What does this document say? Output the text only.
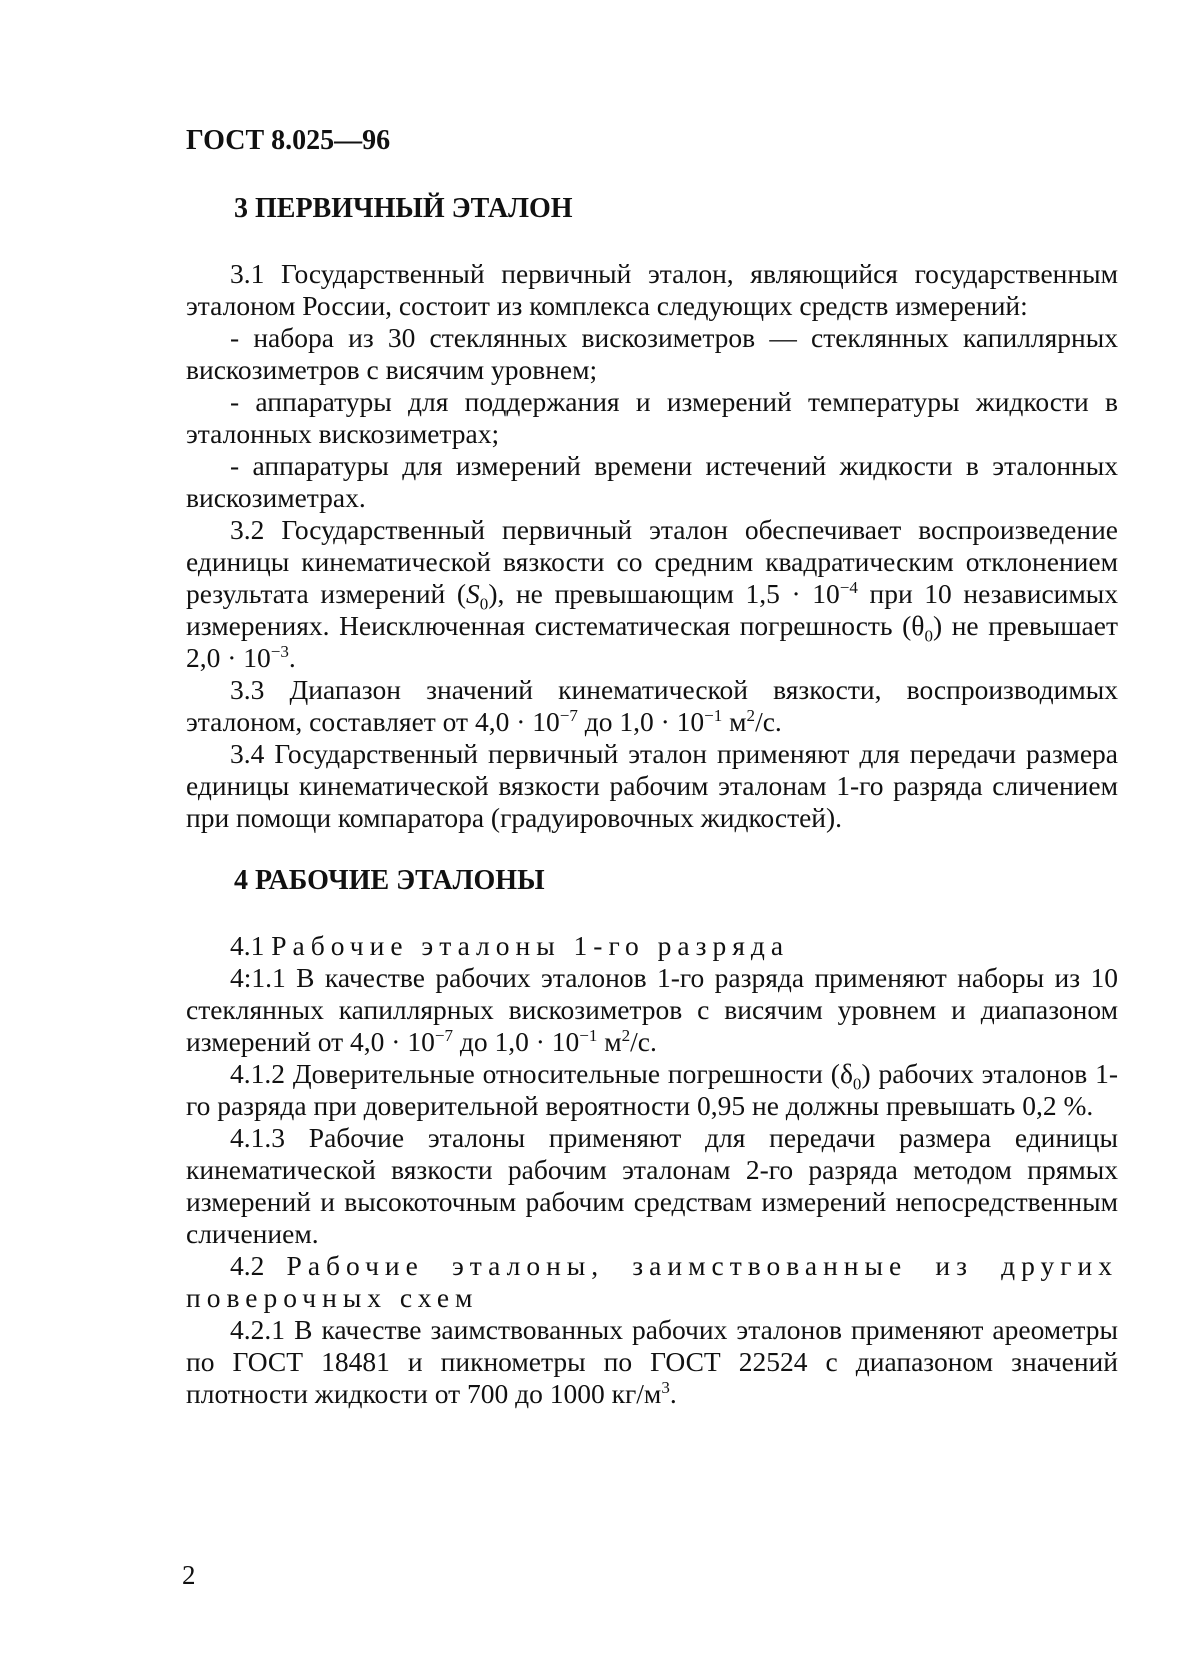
ГОСТ 8.025—96
3 ПЕРВИЧНЫЙ ЭТАЛОН

3.1 Государственный первичный эталон, являющийся государственным эталоном России, состоит из комплекса следующих средств измерений:

- набора из 30 стеклянных вискозиметров — стеклянных капиллярных вискозиметров с висячим уровнем;

- аппаратуры для поддержания и измерений температуры жидкости в эталонных вискозиметрах;

- аппаратуры для измерений времени истечений жидкости в эталонных вискозиметрах.

3.2 Государственный первичный эталон обеспечивает воспроизведение единицы кинематической вязкости со средним квадратическим отклонением результата измерений $(S_0)$, не превышающим $1,5 \cdot 10^{-4}$ при 10 независимых измерениях. Неисключенная систематическая погрешность $(\theta_0)$ не превышает $2,0 \cdot 10^{-3}$.

3.3 Диапазон значений кинематической вязкости, воспроизводимых эталоном, составляет от $4,0 \cdot 10^{-7}$ до $1,0 \cdot 10^{-1}$ $м^2/с$.

3.4 Государственный первичный эталон применяют для передачи размера единицы кинематической вязкости рабочим эталонам 1-го разряда сличением при помощи компаратора (градуировочных жидкостей).

4 РАБОЧИЕ ЭТАЛОНЫ

4.1 Рабочие эталоны 1-го разряда

4:1.1 В качестве рабочих эталонов 1-го разряда применяют наборы из 10 стеклянных капиллярных вискозиметров с висячим уровнем и диапазоном измерений от $4,0 \cdot 10^{-7}$ до $1,0 \cdot 10^{-1}$ $м^2/с$.

4.1.2 Доверительные относительные погрешности $(\delta_0)$ рабочих эталонов 1-го разряда при доверительной вероятности 0,95 не должны превышать 0,2 %.

4.1.3 Рабочие эталоны применяют для передачи размера единицы кинематической вязкости рабочим эталонам 2-го разряда методом прямых измерений и высокоточным рабочим средствам измерений непосредственным сличением.

4.2 Рабочие эталоны, заимствованные из других поверочных схем

4.2.1 В качестве заимствованных рабочих эталонов применяют ареометры по ГОСТ 18481 и пикнометры по ГОСТ 22524 с диапазоном значений плотности жидкости от 700 до 1000 $кг/м^3$.

2
